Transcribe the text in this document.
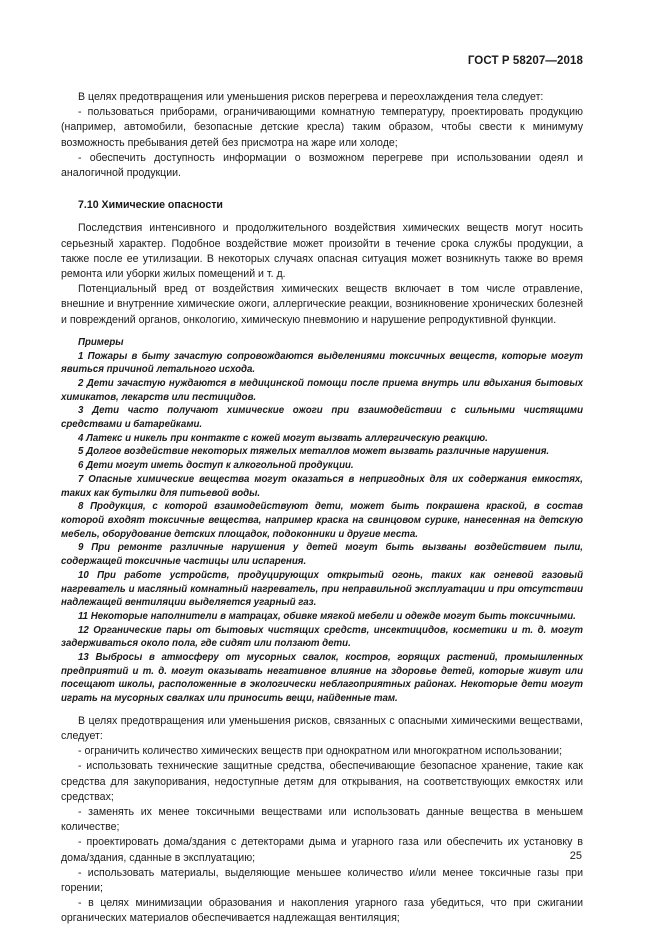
ГОСТ Р 58207—2018

В целях предотвращения или уменьшения рисков перегрева и переохлаждения тела следует:

- пользоваться приборами, ограничивающими комнатную температуру, проектировать продукцию (например, автомобили, безопасные детские кресла) таким образом, чтобы свести к минимуму возможность пребывания детей без присмотра на жаре или холоде;

- обеспечить доступность информации о возможном перегреве при использовании одеял и аналогичной продукции.

7.10 Химические опасности

Последствия интенсивного и продолжительного воздействия химических веществ могут носить серьезный характер. Подобное воздействие может произойти в течение срока службы продукции, а также после ее утилизации. В некоторых случаях опасная ситуация может возникнуть также во время ремонта или уборки жилых помещений и т. д.

Потенциальный вред от воздействия химических веществ включает в том числе отравление, внешние и внутренние химические ожоги, аллергические реакции, возникновение хронических болезней и повреждений органов, онкологию, химическую пневмонию и нарушение репродуктивной функции.

Примеры

1 Пожары в быту зачастую сопровождаются выделениями токсичных веществ, которые могут явиться причиной летального исхода.

2 Дети зачастую нуждаются в медицинской помощи после приема внутрь или вдыхания бытовых химикатов, лекарств или пестицидов.

3 Дети часто получают химические ожоги при взаимодействии с сильными чистящими средствами и батарейками.

4 Латекс и никель при контакте с кожей могут вызвать аллергическую реакцию.

5 Долгое воздействие некоторых тяжелых металлов может вызвать различные нарушения.

6 Дети могут иметь доступ к алкогольной продукции.

7 Опасные химические вещества могут оказаться в непригодных для их содержания емкостях, таких как бутылки для питьевой воды.

8 Продукция, с которой взаимодействуют дети, может быть покрашена краской, в состав которой входят токсичные вещества, например краска на свинцовом сурике, нанесенная на детскую мебель, оборудование детских площадок, подоконники и другие места.

9 При ремонте различные нарушения у детей могут быть вызваны воздействием пыли, содержащей токсичные частицы или испарения.

10 При работе устройств, продуцирующих открытый огонь, таких как огневой газовый нагреватель и масляный комнатный нагреватель, при неправильной эксплуатации и при отсутствии надлежащей вентиляции выделяется угарный газ.

11 Некоторые наполнители в матрацах, обивке мягкой мебели и одежде могут быть токсичными.

12 Органические пары от бытовых чистящих средств, инсектицидов, косметики и т. д. могут задерживаться около пола, где сидят или ползают дети.

13 Выбросы в атмосферу от мусорных свалок, костров, горящих растений, промышленных предприятий и т. д. могут оказывать негативное влияние на здоровье детей, которые живут или посещают школы, расположенные в экологически неблагоприятных районах. Некоторые дети могут играть на мусорных свалках или приносить вещи, найденные там.

В целях предотвращения или уменьшения рисков, связанных с опасными химическими веществами, следует:

- ограничить количество химических веществ при однократном или многократном использовании;

- использовать технические защитные средства, обеспечивающие безопасное хранение, такие как средства для закупоривания, недоступные детям для открывания, на соответствующих емкостях или средствах;

- заменять их менее токсичными веществами или использовать данные вещества в меньшем количестве;

- проектировать дома/здания с детекторами дыма и угарного газа или обеспечить их установку в дома/здания, сданные в эксплуатацию;

- использовать материалы, выделяющие меньшее количество и/или менее токсичные газы при горении;

- в целях минимизации образования и накопления угарного газа убедиться, что при сжигании органических материалов обеспечивается надлежащая вентиляция;

25
